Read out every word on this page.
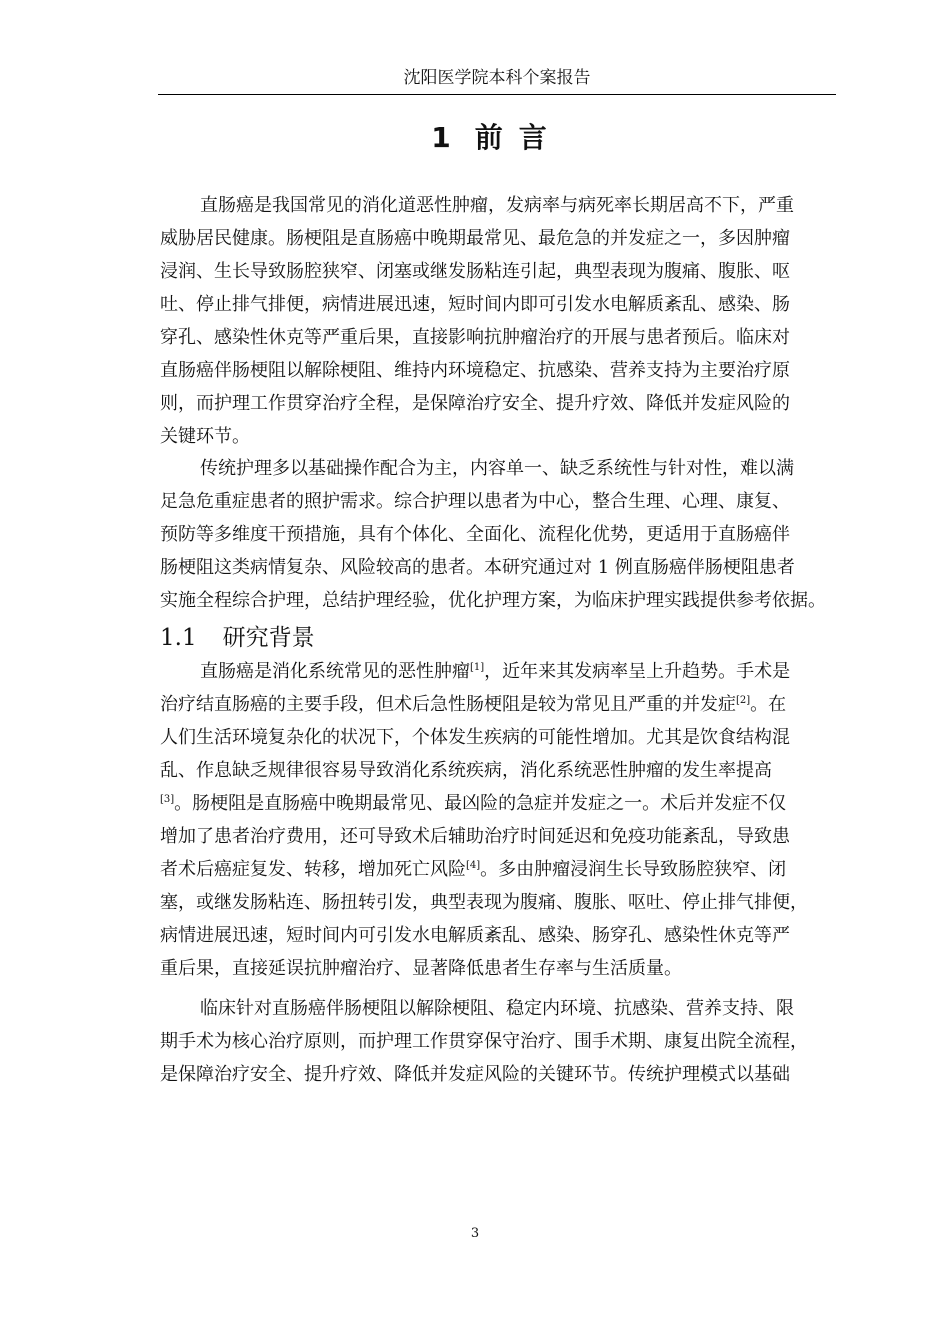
沈阳医学院本科个案报告
1 前言
直肠癌是我国常见的消化道恶性肿瘤，发病率与病死率长期居高不下，严重
威胁居民健康。肠梗阻是直肠癌中晚期最常见、最危急的并发症之一，多因肿瘤
浸润、生长导致肠腔狭窄、闭塞或继发肠粘连引起，典型表现为腹痛、腹胀、呕
吐、停止排气排便，病情进展迅速，短时间内即可引发水电解质紊乱、感染、肠
穿孔、感染性休克等严重后果，直接影响抗肿瘤治疗的开展与患者预后。临床对
直肠癌伴肠梗阻以解除梗阻、维持内环境稳定、抗感染、营养支持为主要治疗原
则，而护理工作贯穿治疗全程，是保障治疗安全、提升疗效、降低并发症风险的
关键环节。
传统护理多以基础操作配合为主，内容单一、缺乏系统性与针对性，难以满
足急危重症患者的照护需求。综合护理以患者为中心，整合生理、心理、康复、
预防等多维度干预措施，具有个体化、全面化、流程化优势，更适用于直肠癌伴
肠梗阻这类病情复杂、风险较高的患者。本研究通过对 1 例直肠癌伴肠梗阻患者
实施全程综合护理，总结护理经验，优化护理方案，为临床护理实践提供参考依据。
1.1 研究背景
直肠癌是消化系统常见的恶性肿瘤[1]，近年来其发病率呈上升趋势。手术是
治疗结直肠癌的主要手段，但术后急性肠梗阻是较为常见且严重的并发症[2]。在
人们生活环境复杂化的状况下，个体发生疾病的可能性增加。尤其是饮食结构混
乱、作息缺乏规律很容易导致消化系统疾病，消化系统恶性肿瘤的发生率提高
[3]。肠梗阻是直肠癌中晚期最常见、最凶险的急症并发症之一。术后并发症不仅
增加了患者治疗费用，还可导致术后辅助治疗时间延迟和免疫功能紊乱，导致患
者术后癌症复发、转移，增加死亡风险[4]。多由肿瘤浸润生长导致肠腔狭窄、闭
塞，或继发肠粘连、肠扭转引发，典型表现为腹痛、腹胀、呕吐、停止排气排便，
病情进展迅速，短时间内可引发水电解质紊乱、感染、肠穿孔、感染性休克等严
重后果，直接延误抗肿瘤治疗、显著降低患者生存率与生活质量。
临床针对直肠癌伴肠梗阻以解除梗阻、稳定内环境、抗感染、营养支持、限
期手术为核心治疗原则，而护理工作贯穿保守治疗、围手术期、康复出院全流程，
是保障治疗安全、提升疗效、降低并发症风险的关键环节。传统护理模式以基础
3
